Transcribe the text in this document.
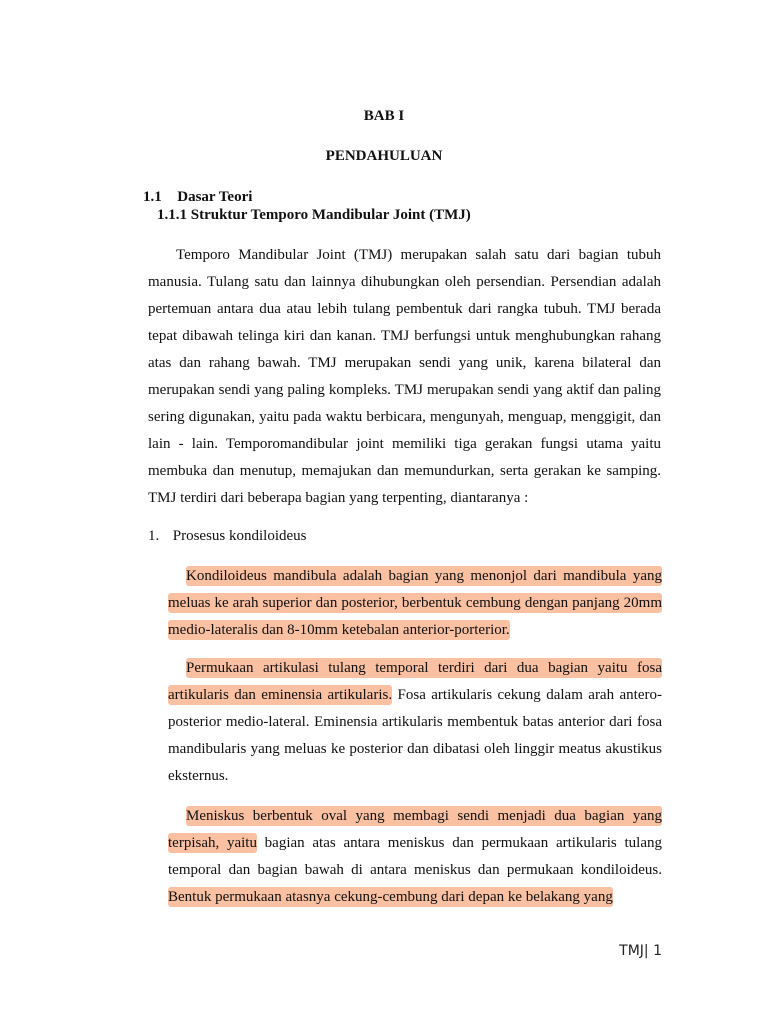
BAB I
PENDAHULUAN
1.1 Dasar Teori
1.1.1 Struktur Temporo Mandibular Joint (TMJ)

Temporo Mandibular Joint (TMJ) merupakan salah satu dari bagian tubuh manusia. Tulang satu dan lainnya dihubungkan oleh persendian. Persendian adalah pertemuan antara dua atau lebih tulang pembentuk dari rangka tubuh. TMJ berada tepat dibawah telinga kiri dan kanan. TMJ berfungsi untuk menghubungkan rahang atas dan rahang bawah. TMJ merupakan sendi yang unik, karena bilateral dan merupakan sendi yang paling kompleks. TMJ merupakan sendi yang aktif dan paling sering digunakan, yaitu pada waktu berbicara, mengunyah, menguap, menggigit, dan lain - lain. Temporomandibular joint memiliki tiga gerakan fungsi utama yaitu membuka dan menutup, memajukan dan memundurkan, serta gerakan ke samping. TMJ terdiri dari beberapa bagian yang terpenting, diantaranya :

1. Prosesus kondiloideus

Kondiloideus mandibula adalah bagian yang menonjol dari mandibula yang meluas ke arah superior dan posterior, berbentuk cembung dengan panjang 20mm medio-lateralis dan 8-10mm ketebalan anterior-porterior.

Permukaan artikulasi tulang temporal terdiri dari dua bagian yaitu fosa artikularis dan eminensia artikularis. Fosa artikularis cekung dalam arah antero-posterior medio-lateral. Eminensia artikularis membentuk batas anterior dari fosa mandibularis yang meluas ke posterior dan dibatasi oleh linggir meatus akustikus eksternus.

Meniskus berbentuk oval yang membagi sendi menjadi dua bagian yang terpisah, yaitu bagian atas antara meniskus dan permukaan artikularis tulang temporal dan bagian bawah di antara meniskus dan permukaan kondiloideus. Bentuk permukaan atasnya cekung-cembung dari depan ke belakang yang

TMJ| 1
